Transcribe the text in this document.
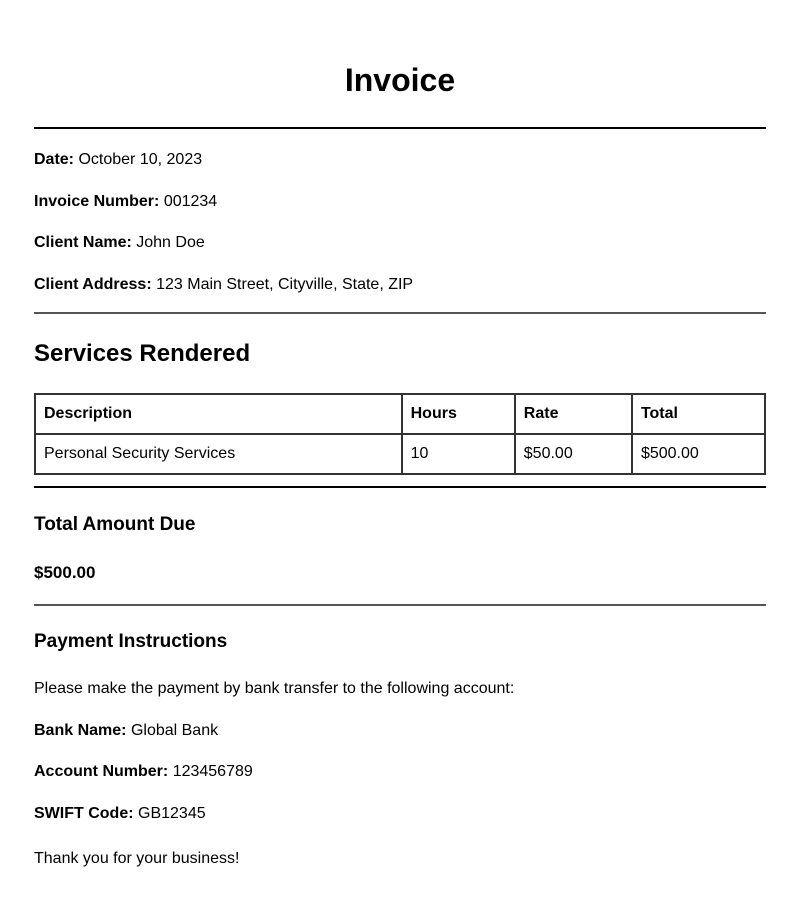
Invoice
Date: October 10, 2023
Invoice Number: 001234
Client Name: John Doe
Client Address: 123 Main Street, Cityville, State, ZIP
Services Rendered
Description	Hours	Rate	Total
Personal Security Services	10	$50.00	$500.00
Total Amount Due
$500.00
Payment Instructions
Please make the payment by bank transfer to the following account:
Bank Name: Global Bank
Account Number: 123456789
SWIFT Code: GB12345
Thank you for your business!
